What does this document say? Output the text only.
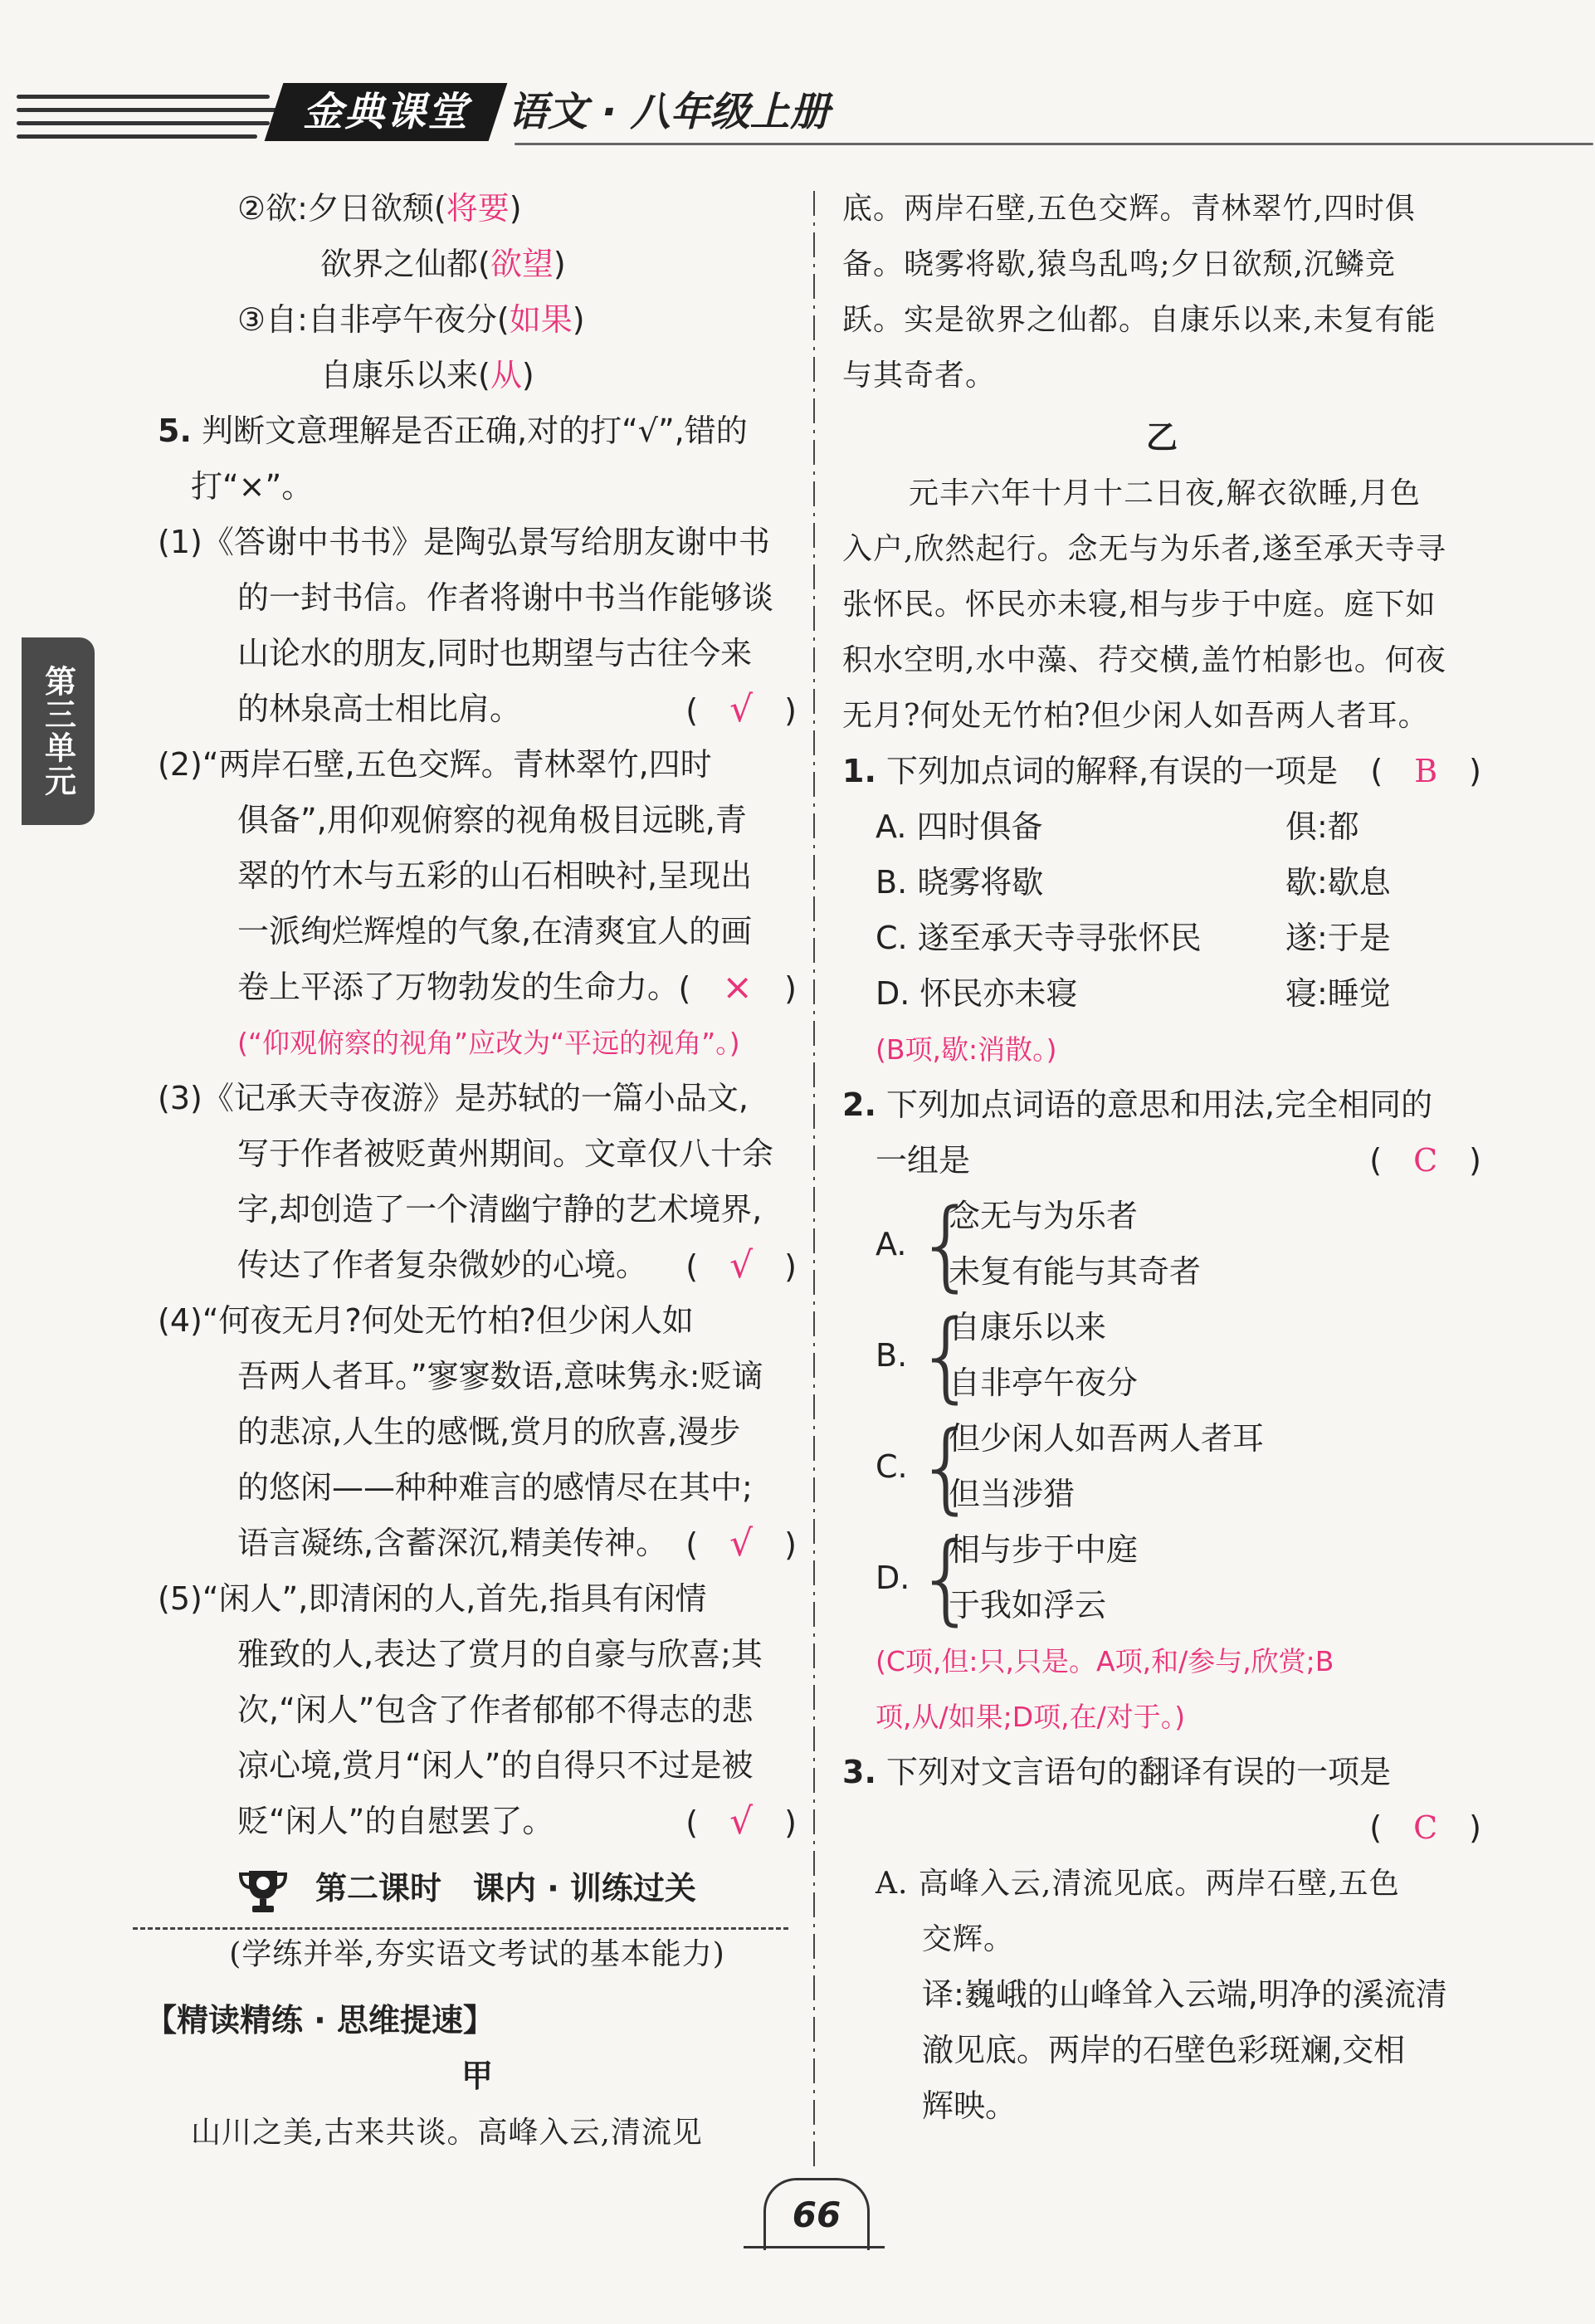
金典课堂 语文 · 八年级上册
第三单元
②欲:夕日欲颓(将要)
欲界之仙都(欲望)
③自:自非亭午夜分(如果)
自康乐以来(从)
5. 判断文意理解是否正确,对的打“√”,错的
打“×”。
(1)《答谢中书书》是陶弘景写给朋友谢中书
的一封书信。作者将谢中书当作能够谈
山论水的朋友,同时也期望与古往今来
的林泉高士相比肩。	(　√　)
(2)“两岸石壁,五色交辉。青林翠竹,四时
俱备”,用仰观俯察的视角极目远眺,青
翠的竹木与五彩的山石相映衬,呈现出
一派绚烂辉煌的气象,在清爽宜人的画
卷上平添了万物勃发的生命力。 (　×　)
(“仰观俯察的视角”应改为“平远的视角”。)
(3)《记承天寺夜游》是苏轼的一篇小品文,
写于作者被贬黄州期间。文章仅八十余
字,却创造了一个清幽宁静的艺术境界,
传达了作者复杂微妙的心境。 (　√　)
(4)“何夜无月?何处无竹柏?但少闲人如
吾两人者耳。”寥寥数语,意味隽永:贬谪
的悲凉,人生的感慨,赏月的欣喜,漫步
的悠闲——种种难言的感情尽在其中;
语言凝练,含蓄深沉,精美传神。 (　√　)
(5)“闲人”,即清闲的人,首先,指具有闲情
雅致的人,表达了赏月的自豪与欣喜;其
次,“闲人”包含了作者郁郁不得志的悲
凉心境,赏月“闲人”的自得只不过是被
贬“闲人”的自慰罢了。	(　√　)
第二课时　课内 · 训练过关
(学练并举,夯实语文考试的基本能力)
【精读精练 · 思维提速】
甲
山川之美,古来共谈。高峰入云,清流见
底。两岸石壁,五色交辉。青林翠竹,四时俱
备。晓雾将歇,猿鸟乱鸣;夕日欲颓,沉鳞竞
跃。实是欲界之仙都。自康乐以来,未复有能
与其奇者。
乙
元丰六年十月十二日夜,解衣欲睡,月色
入户,欣然起行。念无与为乐者,遂至承天寺寻
张怀民。怀民亦未寝,相与步于中庭。庭下如
积水空明,水中藻、荇交横,盖竹柏影也。何夜
无月?何处无竹柏?但少闲人如吾两人者耳。
1. 下列加点词的解释,有误的一项是 (　B　)
A. 四时俱备	俱:都

B. 晓雾将歇	歇:歇息

C. 遂至承天寺寻张怀民	遂:于是

D. 怀民亦未寝	寝:睡觉

(B项,歇:消散。)
2. 下列加点词语的意思和用法,完全相同的
一组是	(　C　)
A. {
念无与为乐者
未复有能与其奇者
B. {
自康乐以来
自非亭午夜分
C. {
但少闲人如吾两人者耳
但当涉猎
D. {
相与步于中庭
于我如浮云
(C项,但:只,只是。A项,和/参与,欣赏;B
项,从/如果;D项,在/对于。)
3. 下列对文言语句的翻译有误的一项是

(　C　)
A. 高峰入云,清流见底。两岸石壁,五色
交辉。
译:巍峨的山峰耸入云端,明净的溪流清
澈见底。两岸的石壁色彩斑斓,交相
辉映。
66
